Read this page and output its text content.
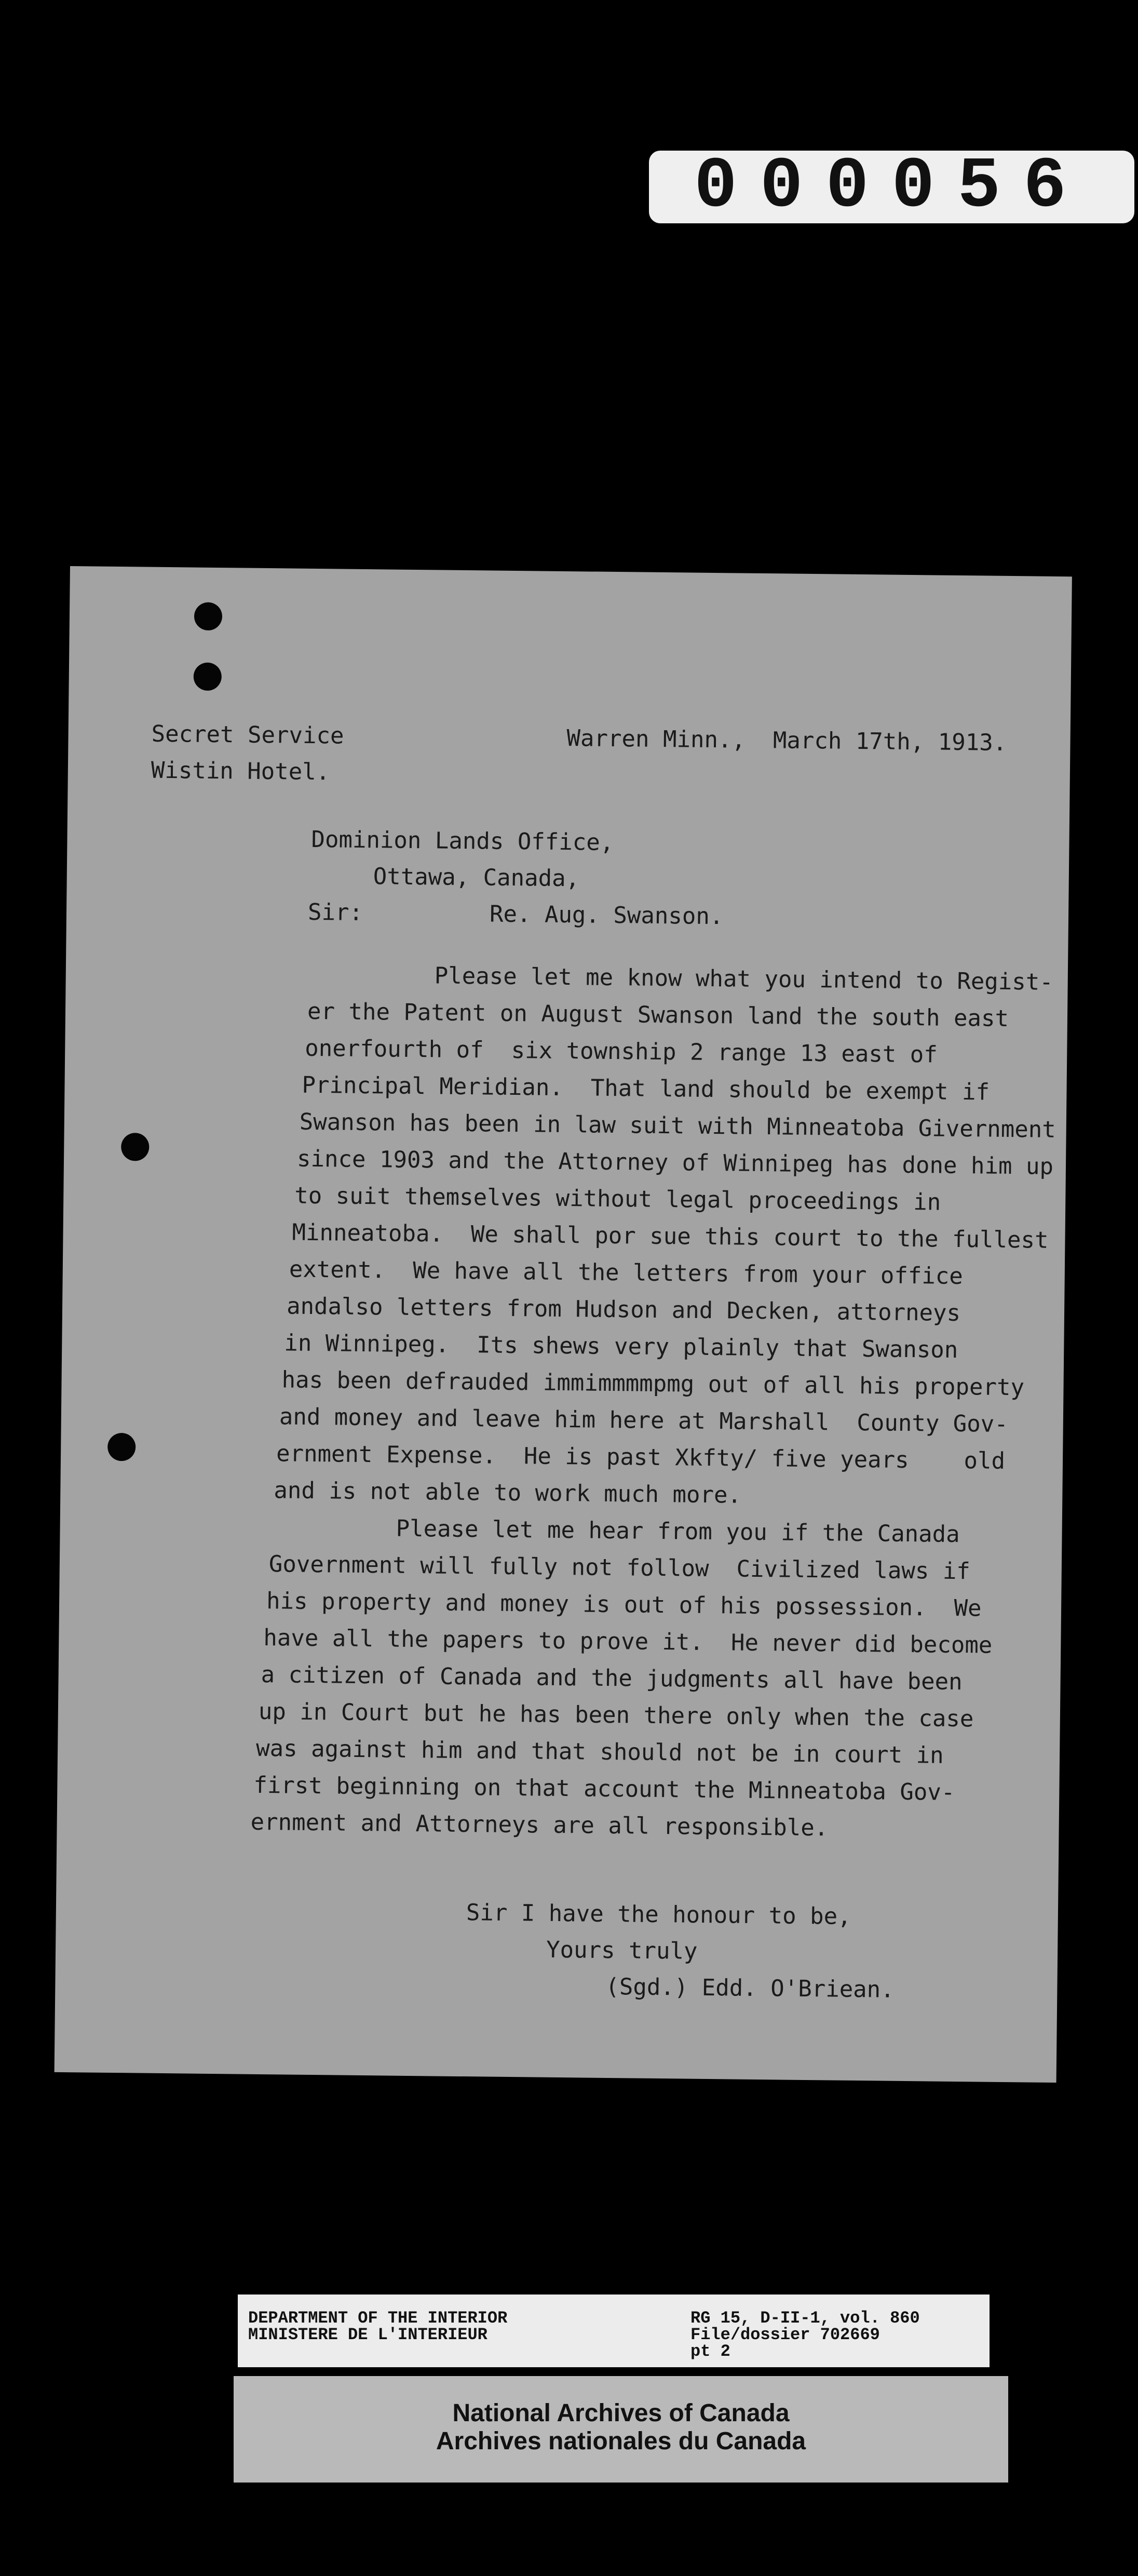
000056
Secret Service
Wistin Hotel.
Warren Minn.,  March 17th, 1913.
Dominion Lands Office,
Ottawa, Canada,
Sir:	Re. Aug. Swanson.
Please let me know what you intend to Regist-
er the Patent on August Swanson land the south east
onerfourth of  six township 2 range 13 east of
Principal Meridian.  That land should be exempt if
Swanson has been in law suit with Minneatoba Givernment
since 1903 and the Attorney of Winnipeg has done him up
to suit themselves without legal proceedings in
Minneatoba.  We shall por sue this court to the fullest
extent.  We have all the letters from your office
andalso letters from Hudson and Decken, attorneys
in Winnipeg.  Its shews very plainly that Swanson
has been defrauded immimmmmpmg out of all his property
and money and leave him here at Marshall  County Gov-
ernment Expense.  He is past Xkfty/ five years    old
and is not able to work much more.
Please let me hear from you if the Canada
Government will fully not follow  Civilized laws if
his property and money is out of his possession.  We
have all the papers to prove it.  He never did become
a citizen of Canada and the judgments all have been
up in Court but he has been there only when the case
was against him and that should not be in court in
first beginning on that account the Minneatoba Gov-
ernment and Attorneys are all responsible.
Sir I have the honour to be,
Yours truly
(Sgd.) Edd. O'Briean.
DEPARTMENT OF THE INTERIOR
MINISTERE DE L'INTERIEUR
RG 15, D-II-1, vol. 860
File/dossier 702669
pt 2
National Archives of Canada
Archives nationales du Canada
